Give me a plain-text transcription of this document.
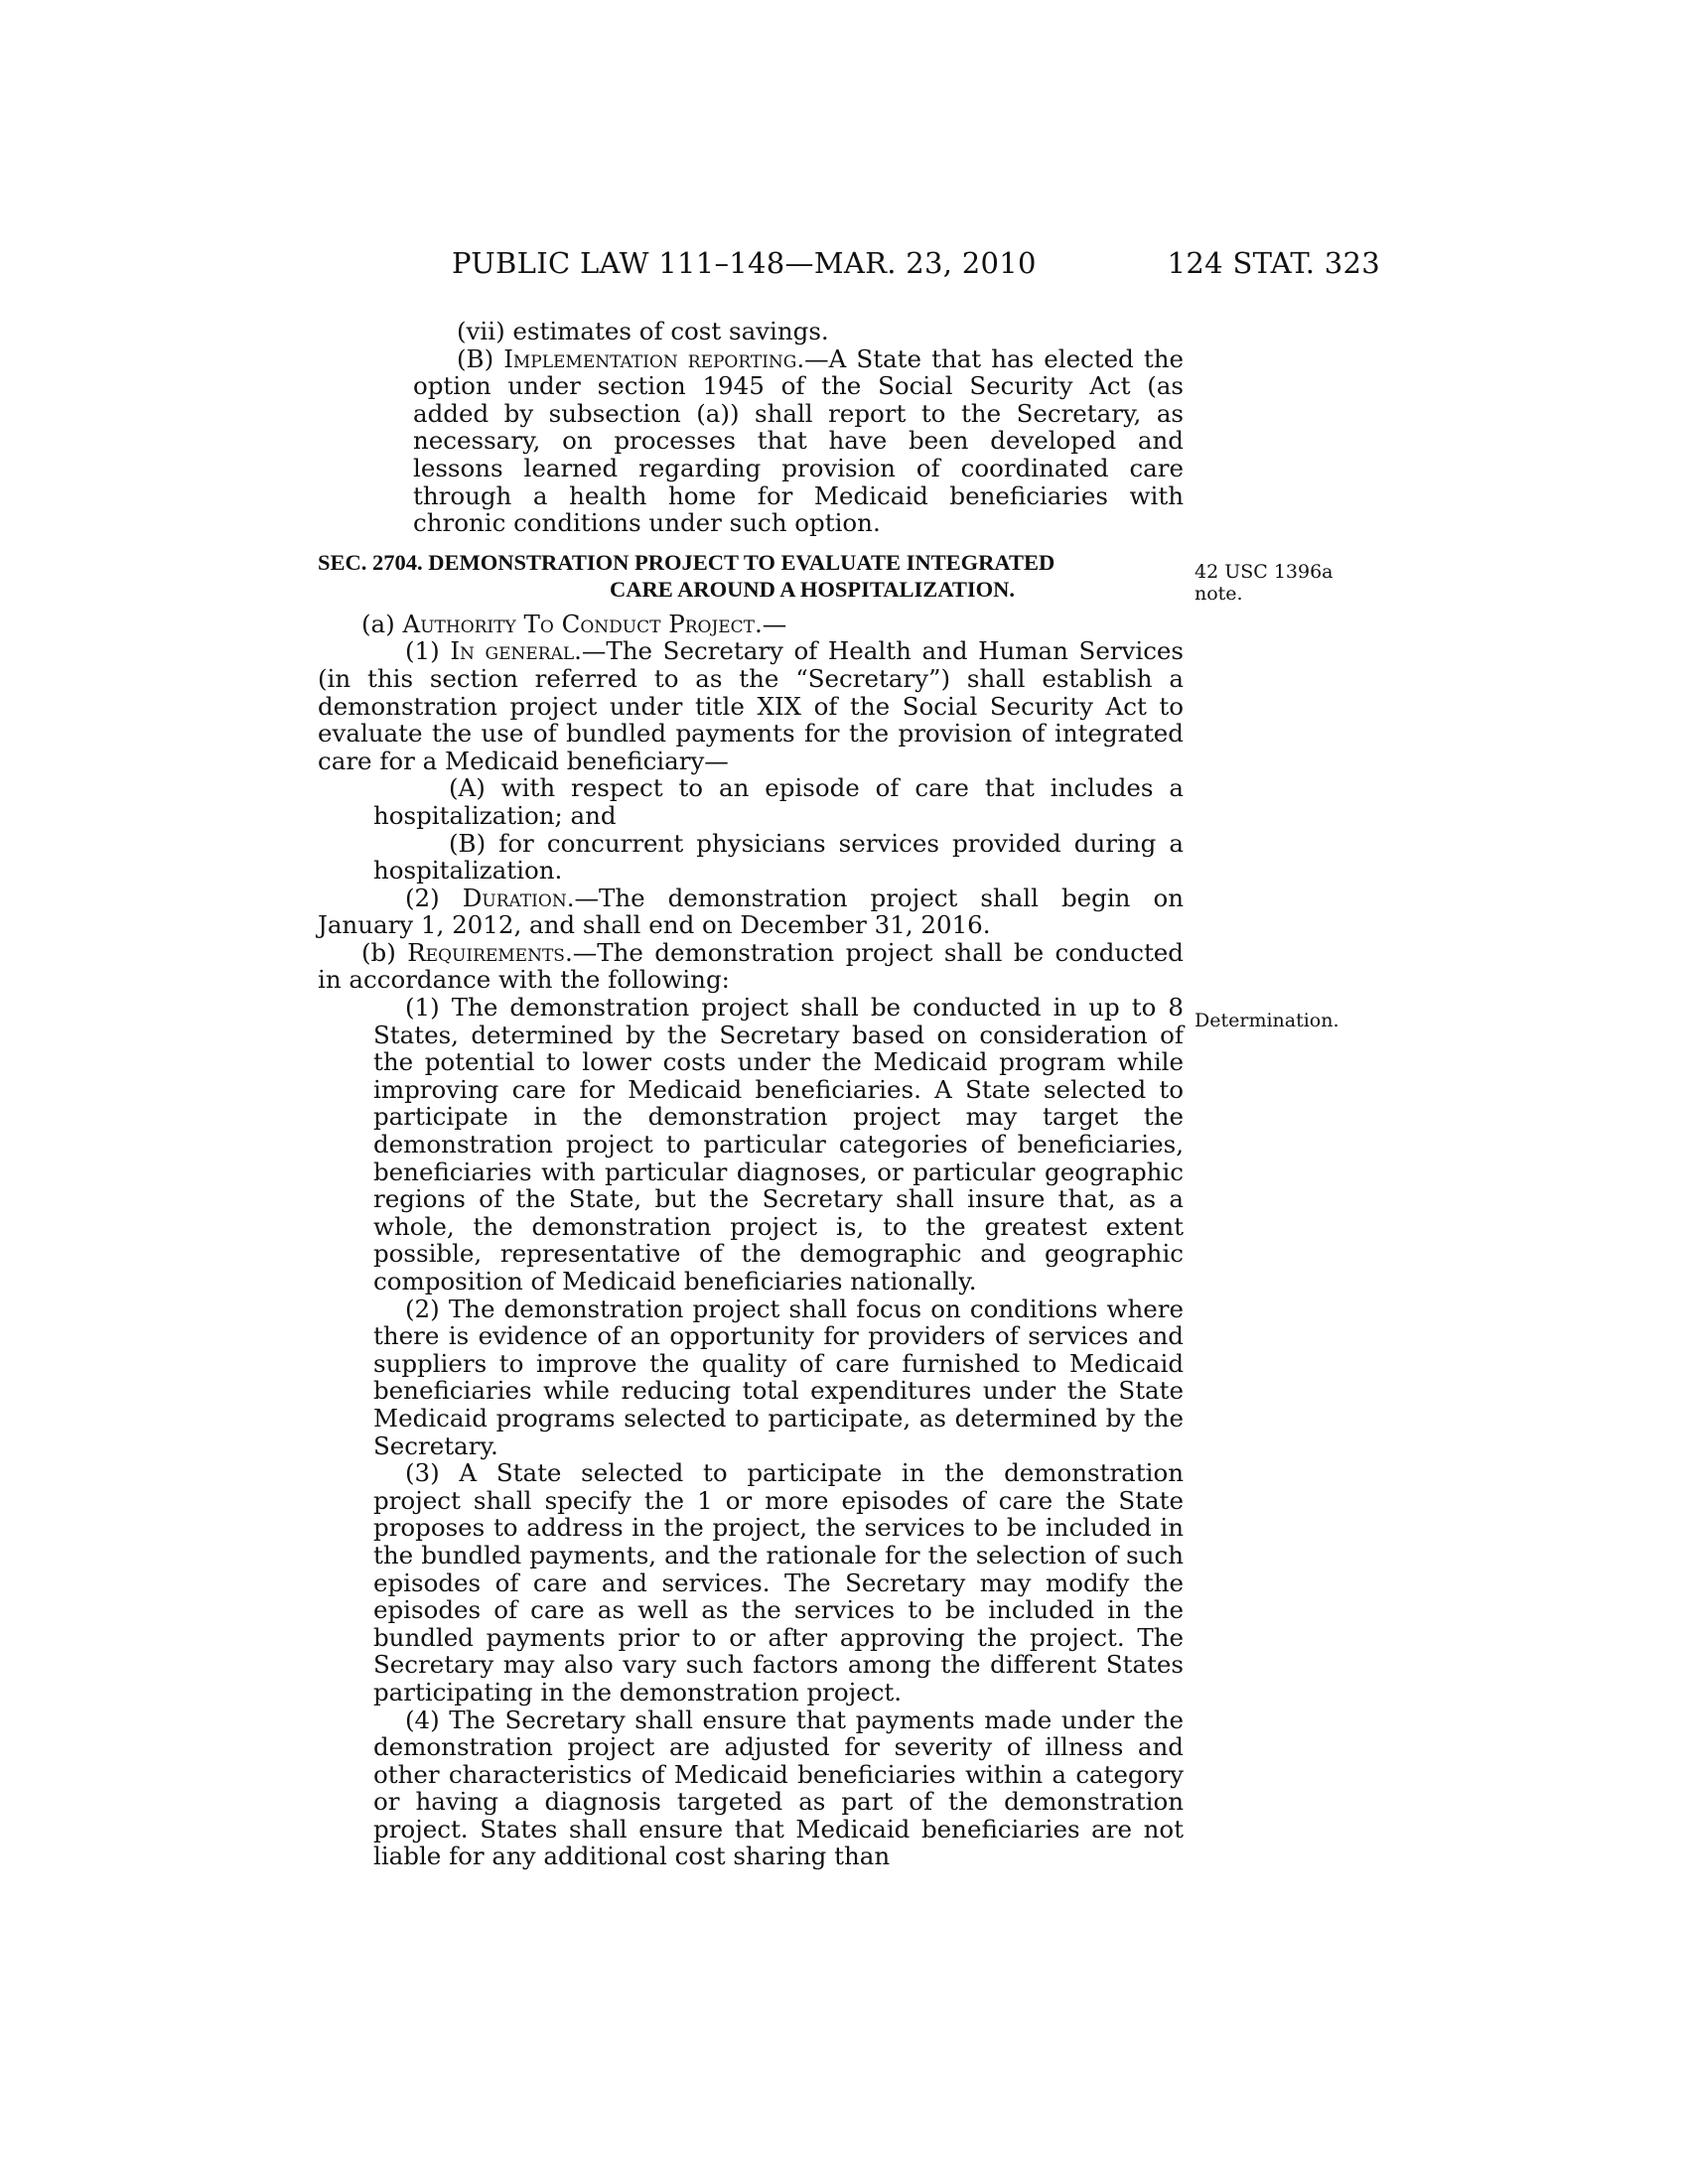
PUBLIC LAW 111–148—MAR. 23, 2010	124 STAT. 323
42 USC 1396a
note.
Determination.
(vii) estimates of cost savings.
(B) Implementation reporting.—A State that has elected the option under section 1945 of the Social Security Act (as added by subsection (a)) shall report to the Secretary, as necessary, on processes that have been developed and lessons learned regarding provision of coordinated care through a health home for Medicaid beneficiaries with chronic conditions under such option.
SEC. 2704. DEMONSTRATION PROJECT TO EVALUATE INTEGRATED
CARE AROUND A HOSPITALIZATION.
(a) Authority To Conduct Project.—
(1) In general.—The Secretary of Health and Human Services (in this section referred to as the “Secretary”) shall establish a demonstration project under title XIX of the Social Security Act to evaluate the use of bundled payments for the provision of integrated care for a Medicaid beneficiary—
(A) with respect to an episode of care that includes a hospitalization; and
(B) for concurrent physicians services provided during a hospitalization.
(2) Duration.—The demonstration project shall begin on January 1, 2012, and shall end on December 31, 2016.
(b) Requirements.—The demonstration project shall be conducted in accordance with the following:
(1) The demonstration project shall be conducted in up to 8 States, determined by the Secretary based on consideration of the potential to lower costs under the Medicaid program while improving care for Medicaid beneficiaries. A State selected to participate in the demonstration project may target the demonstration project to particular categories of beneficiaries, beneficiaries with particular diagnoses, or particular geographic regions of the State, but the Secretary shall insure that, as a whole, the demonstration project is, to the greatest extent possible, representative of the demographic and geographic composition of Medicaid beneficiaries nationally.
(2) The demonstration project shall focus on conditions where there is evidence of an opportunity for providers of services and suppliers to improve the quality of care furnished to Medicaid beneficiaries while reducing total expenditures under the State Medicaid programs selected to participate, as determined by the Secretary.
(3) A State selected to participate in the demonstration project shall specify the 1 or more episodes of care the State proposes to address in the project, the services to be included in the bundled payments, and the rationale for the selection of such episodes of care and services. The Secretary may modify the episodes of care as well as the services to be included in the bundled payments prior to or after approving the project. The Secretary may also vary such factors among the different States participating in the demonstration project.
(4) The Secretary shall ensure that payments made under the demonstration project are adjusted for severity of illness and other characteristics of Medicaid beneficiaries within a category or having a diagnosis targeted as part of the demonstration project. States shall ensure that Medicaid beneficiaries are not liable for any additional cost sharing than
